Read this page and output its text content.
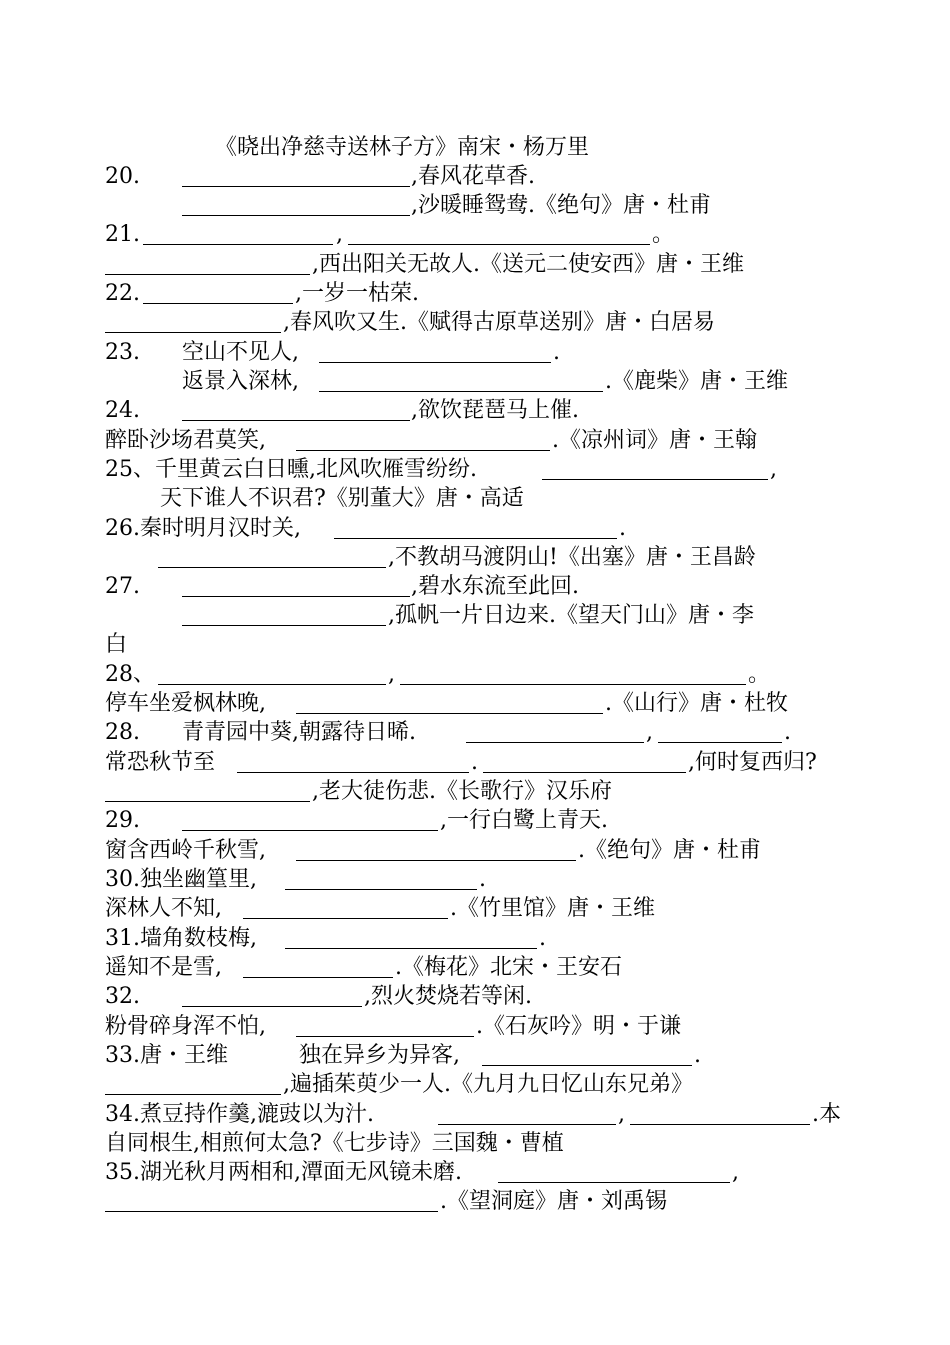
《晓出净慈寺送林子方》南宋・杨万里
20.	,春风花草香.
,沙暖睡鸳鸯.《绝句》唐・杜甫
21.	,	。
,西出阳关无故人.《送元二使安西》唐・王维
22.	,一岁一枯荣.
,春风吹又生.《赋得古原草送别》唐・白居易
23. 空山不见人,	.
返景入深林,	.《鹿柴》唐・王维
24.	,欲饮琵琶马上催.
醉卧沙场君莫笑,	.《凉州词》唐・王翰
25、千里黄云白日曛,北风吹雁雪纷纷.	,
天下谁人不识君?《别董大》唐・高适
26.秦时明月汉时关,	.
,不教胡马渡阴山!《出塞》唐・王昌龄
27.	,碧水东流至此回.
,孤帆一片日边来.《望天门山》唐・李
白
28、	,	。
停车坐爱枫林晚,	.《山行》唐・杜牧
28. 青青园中葵,朝露待日晞.	,	.
常恐秋节至	.	,何时复西归?
,老大徒伤悲.《长歌行》汉乐府
29.	,一行白鹭上青天.
窗含西岭千秋雪,	.《绝句》唐・杜甫
30.独坐幽篁里,	.
深林人不知,	.《竹里馆》唐・王维
31.墙角数枝梅,	.
遥知不是雪,	.《梅花》北宋・王安石
32.	,烈火焚烧若等闲.
粉骨碎身浑不怕,	.《石灰吟》明・于谦
33.唐・王维	独在异乡为异客,	.
,遍插茱萸少一人.《九月九日忆山东兄弟》
34.煮豆持作羹,漉豉以为汁.	,	.本
自同根生,相煎何太急?《七步诗》三国魏・曹植
35.湖光秋月两相和,潭面无风镜未磨.	,
.《望洞庭》唐・刘禹锡
